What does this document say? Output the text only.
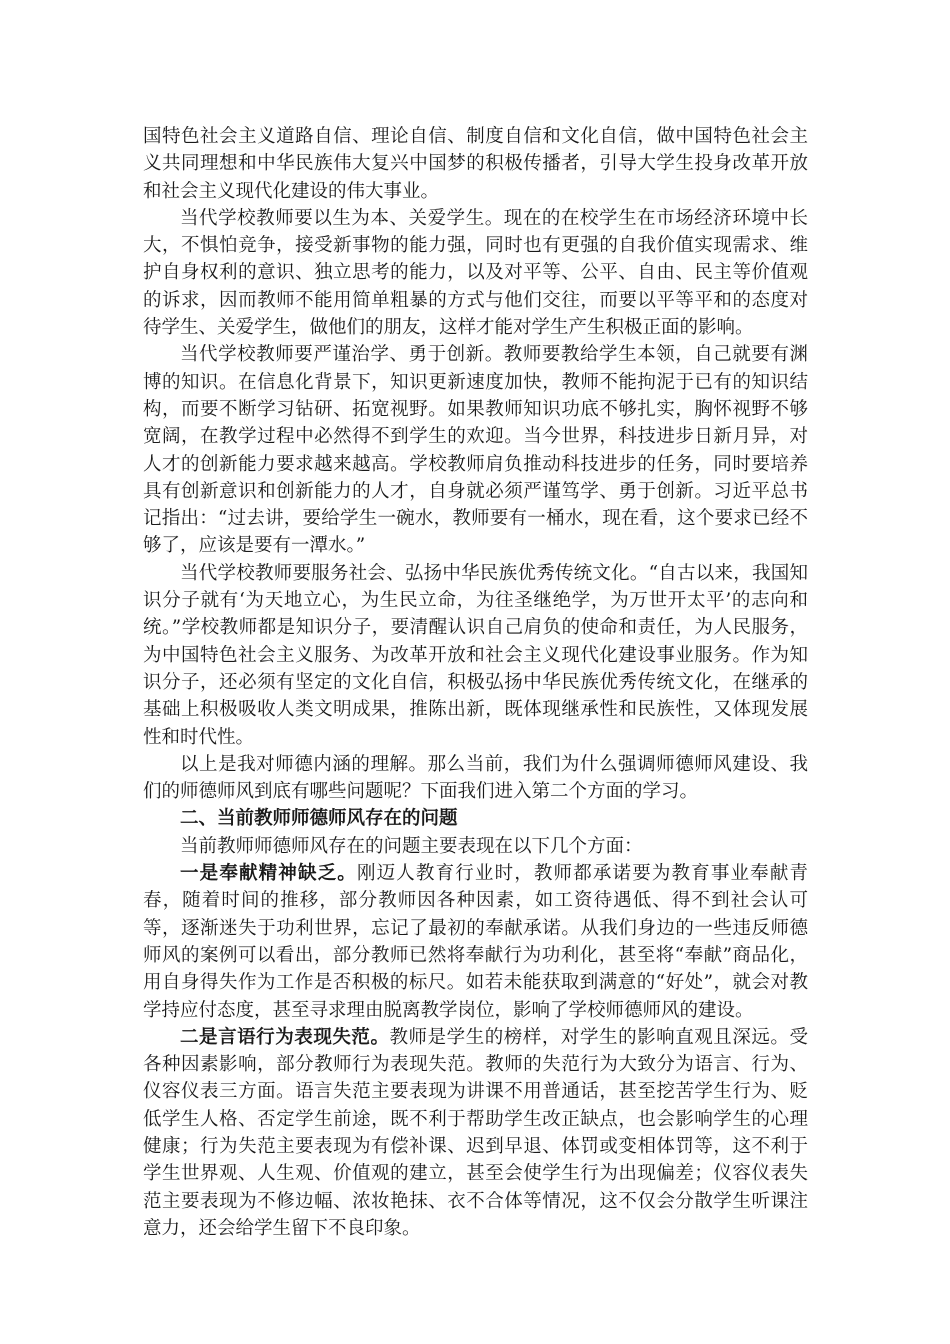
国特色社会主义道路自信、理论自信、制度自信和文化自信，做中国特色社会主义共同理想和中华民族伟大复兴中国梦的积极传播者，引导大学生投身改革开放和社会主义现代化建设的伟大事业。

当代学校教师要以生为本、关爱学生。现在的在校学生在市场经济环境中长大，不惧怕竞争，接受新事物的能力强，同时也有更强的自我价值实现需求、维护自身权利的意识、独立思考的能力，以及对平等、公平、自由、民主等价值观的诉求，因而教师不能用简单粗暴的方式与他们交往，而要以平等平和的态度对待学生、关爱学生，做他们的朋友，这样才能对学生产生积极正面的影响。

当代学校教师要严谨治学、勇于创新。教师要教给学生本领，自己就要有渊博的知识。在信息化背景下，知识更新速度加快，教师不能拘泥于已有的知识结构，而要不断学习钻研、拓宽视野。如果教师知识功底不够扎实，胸怀视野不够宽阔，在教学过程中必然得不到学生的欢迎。当今世界，科技进步日新月异，对人才的创新能力要求越来越高。学校教师肩负推动科技进步的任务，同时要培养具有创新意识和创新能力的人才，自身就必须严谨笃学、勇于创新。习近平总书记指出：“过去讲，要给学生一碗水，教师要有一桶水，现在看，这个要求已经不够了，应该是要有一潭水。”

当代学校教师要服务社会、弘扬中华民族优秀传统文化。“自古以来，我国知识分子就有‘为天地立心，为生民立命，为往圣继绝学，为万世开太平’的志向和统。”学校教师都是知识分子，要清醒认识自己肩负的使命和责任，为人民服务，为中国特色社会主义服务、为改革开放和社会主义现代化建设事业服务。作为知识分子，还必须有坚定的文化自信，积极弘扬中华民族优秀传统文化，在继承的基础上积极吸收人类文明成果，推陈出新，既体现继承性和民族性，又体现发展性和时代性。

以上是我对师德内涵的理解。那么当前，我们为什么强调师德师风建设、我们的师德师风到底有哪些问题呢？下面我们进入第二个方面的学习。

二、当前教师师德师风存在的问题

当前教师师德师风存在的问题主要表现在以下几个方面：

一是奉献精神缺乏。刚迈人教育行业时，教师都承诺要为教育事业奉献青春，随着时间的推移，部分教师因各种因素，如工资待遇低、得不到社会认可等，逐渐迷失于功利世界，忘记了最初的奉献承诺。从我们身边的一些违反师德师风的案例可以看出，部分教师已然将奉献行为功利化，甚至将“奉献”商品化，用自身得失作为工作是否积极的标尺。如若未能获取到满意的“好处”，就会对教学持应付态度，甚至寻求理由脱离教学岗位，影响了学校师德师风的建设。

二是言语行为表现失范。教师是学生的榜样，对学生的影响直观且深远。受各种因素影响，部分教师行为表现失范。教师的失范行为大致分为语言、行为、仪容仪表三方面。语言失范主要表现为讲课不用普通话，甚至挖苦学生行为、贬低学生人格、否定学生前途，既不利于帮助学生改正缺点，也会影响学生的心理健康；行为失范主要表现为有偿补课、迟到早退、体罚或变相体罚等，这不利于学生世界观、人生观、价值观的建立，甚至会使学生行为出现偏差；仪容仪表失范主要表现为不修边幅、浓妆艳抹、衣不合体等情况，这不仅会分散学生听课注意力，还会给学生留下不良印象。
